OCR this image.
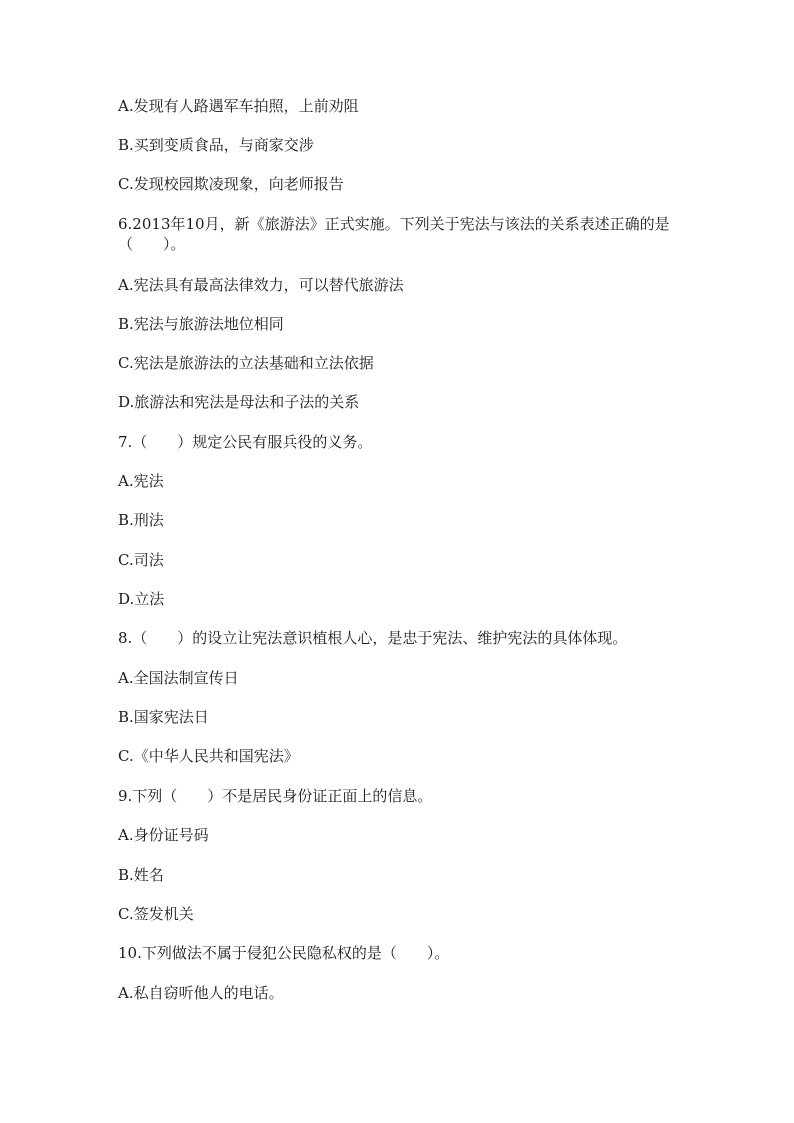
A.发现有人路遇军车拍照，上前劝阻
B.买到变质食品，与商家交涉
C.发现校园欺凌现象，向老师报告
6.2013年10月，新《旅游法》正式实施。下列关于宪法与该法的关系表述正确的是（　　）。
A.宪法具有最高法律效力，可以替代旅游法
B.宪法与旅游法地位相同
C.宪法是旅游法的立法基础和立法依据
D.旅游法和宪法是母法和子法的关系
7.（　　）规定公民有服兵役的义务。
A.宪法
B.刑法
C.司法
D.立法
8.（　　）的设立让宪法意识植根人心，是忠于宪法、维护宪法的具体体现。
A.全国法制宣传日
B.国家宪法日
C.《中华人民共和国宪法》
9.下列（　　）不是居民身份证正面上的信息。
A.身份证号码
B.姓名
C.签发机关
10.下列做法不属于侵犯公民隐私权的是（　　）。
A.私自窃听他人的电话。
